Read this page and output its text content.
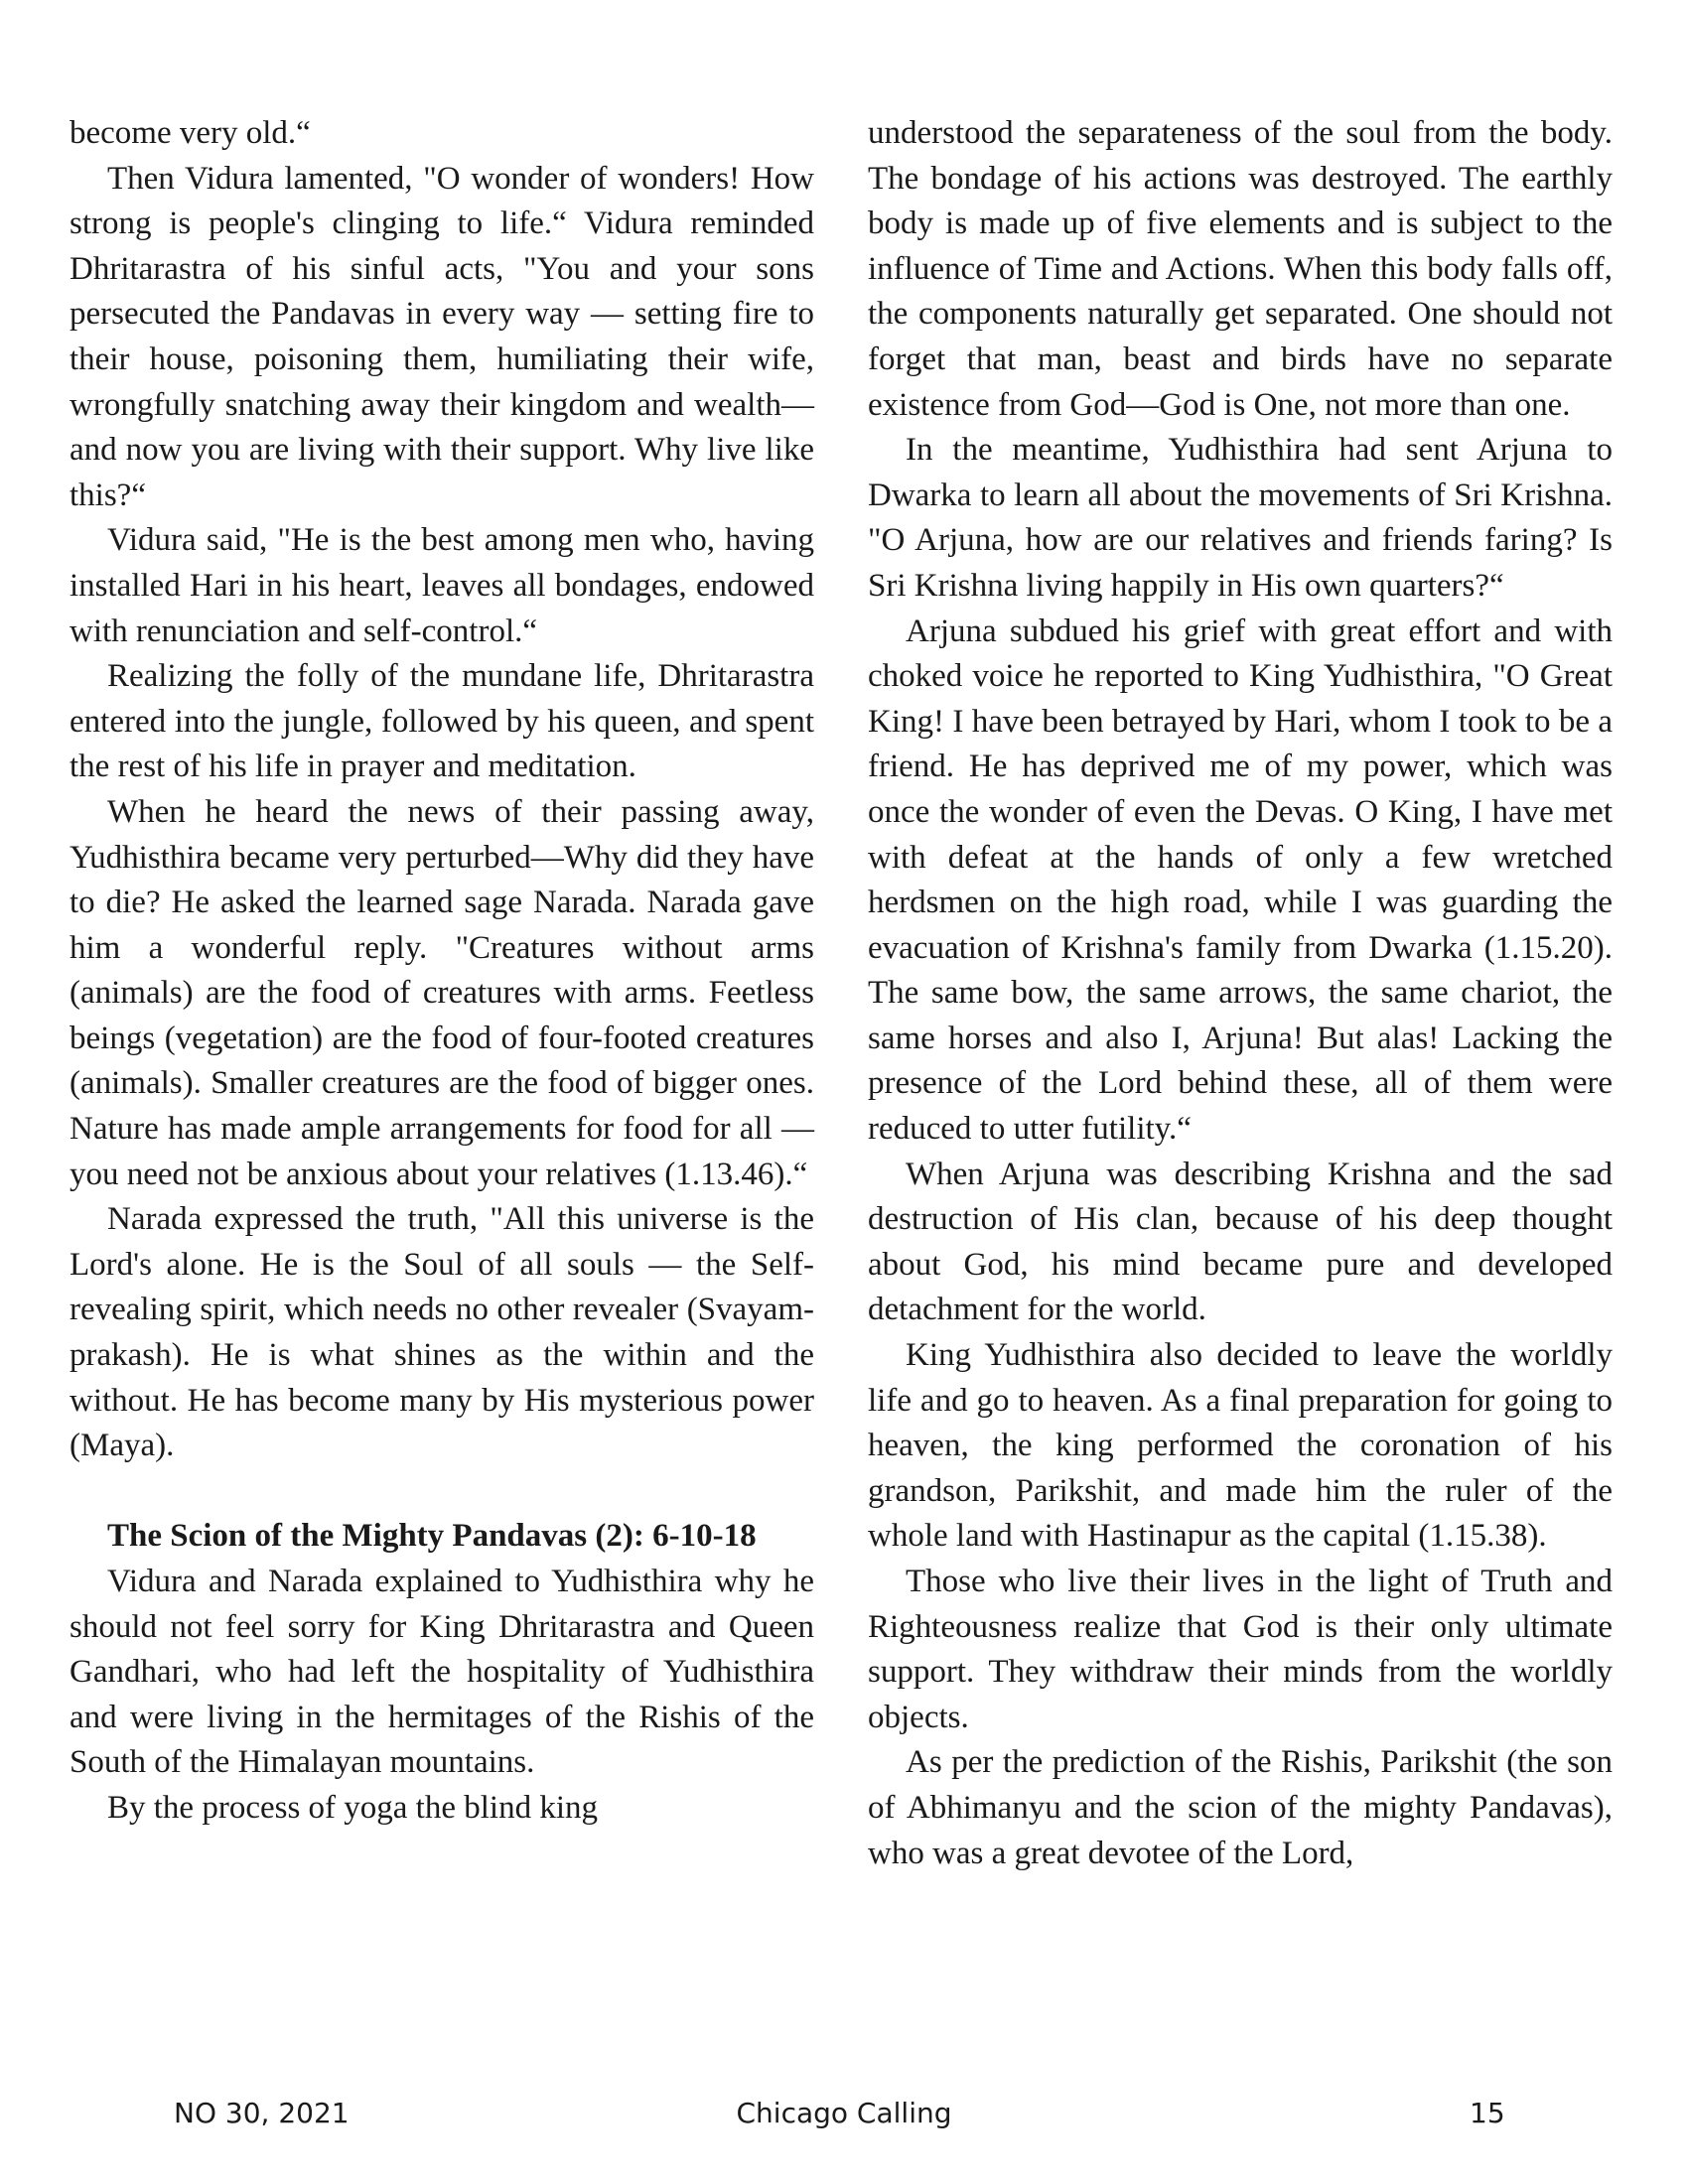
become very old.“

Then Vidura lamented, "O wonder of wonders! How strong is people's clinging to life.“ Vidura reminded Dhritarastra of his sinful acts, "You and your sons persecuted the Pandavas in every way — setting fire to their house, poisoning them, humiliating their wife, wrongfully snatching away their kingdom and wealth—and now you are living with their support. Why live like this?“

Vidura said, "He is the best among men who, having installed Hari in his heart, leaves all bondages, endowed with renunciation and self-control.“

Realizing the folly of the mundane life, Dhritarastra entered into the jungle, followed by his queen, and spent the rest of his life in prayer and meditation.

When he heard the news of their passing away, Yudhisthira became very perturbed—Why did they have to die? He asked the learned sage Narada. Narada gave him a wonderful reply. "Creatures without arms (animals) are the food of creatures with arms. Feetless beings (vegetation) are the food of four-footed creatures (animals). Smaller creatures are the food of bigger ones. Nature has made ample arrangements for food for all — you need not be anxious about your relatives (1.13.46).“

Narada expressed the truth, "All this universe is the Lord's alone. He is the Soul of all souls — the Self-revealing spirit, which needs no other revealer (Svayam-prakash). He is what shines as the within and the without. He has become many by His mysterious power (Maya).

The Scion of the Mighty Pandavas (2): 6-10-18

Vidura and Narada explained to Yudhisthira why he should not feel sorry for King Dhritarastra and Queen Gandhari, who had left the hospitality of Yudhisthira and were living in the hermitages of the Rishis of the South of the Himalayan mountains.

By the process of yoga the blind king

understood the separateness of the soul from the body. The bondage of his actions was destroyed. The earthly body is made up of five elements and is subject to the influence of Time and Actions. When this body falls off, the components naturally get separated. One should not forget that man, beast and birds have no separate existence from God—God is One, not more than one.

In the meantime, Yudhisthira had sent Arjuna to Dwarka to learn all about the movements of Sri Krishna. "O Arjuna, how are our relatives and friends faring? Is Sri Krishna living happily in His own quarters?“

Arjuna subdued his grief with great effort and with choked voice he reported to King Yudhisthira, "O Great King! I have been betrayed by Hari, whom I took to be a friend. He has deprived me of my power, which was once the wonder of even the Devas. O King, I have met with defeat at the hands of only a few wretched herdsmen on the high road, while I was guarding the evacuation of Krishna's family from Dwarka (1.15.20). The same bow, the same arrows, the same chariot, the same horses and also I, Arjuna! But alas! Lacking the presence of the Lord behind these, all of them were reduced to utter futility.“

When Arjuna was describing Krishna and the sad destruction of His clan, because of his deep thought about God, his mind became pure and developed detachment for the world.

King Yudhisthira also decided to leave the worldly life and go to heaven. As a final preparation for going to heaven, the king performed the coronation of his grandson, Parikshit, and made him the ruler of the whole land with Hastinapur as the capital (1.15.38).

Those who live their lives in the light of Truth and Righteousness realize that God is their only ultimate support. They withdraw their minds from the worldly objects.

As per the prediction of the Rishis, Parikshit (the son of Abhimanyu and the scion of the mighty Pandavas), who was a great devotee of the Lord,

NO 30, 2021	Chicago Calling	15
